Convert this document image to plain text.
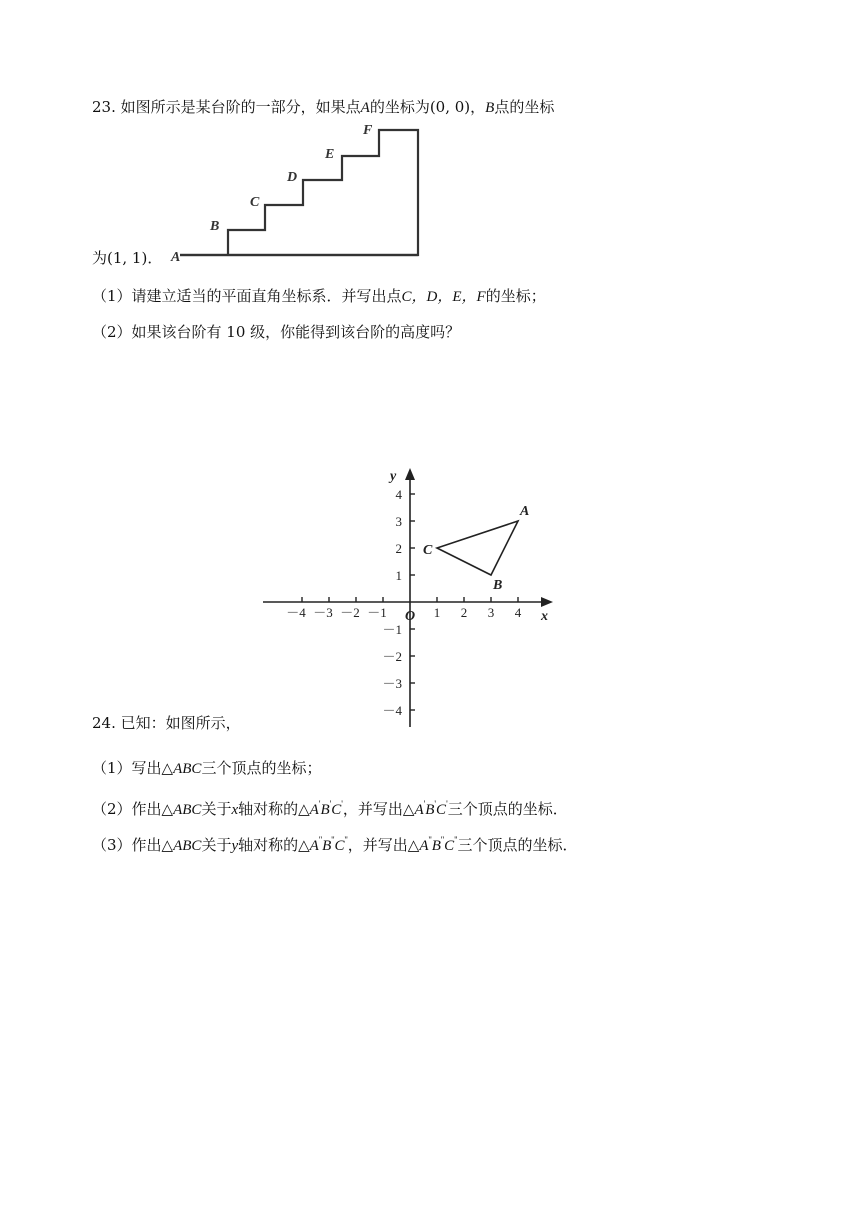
23. 如图所示是某台阶的一部分，如果点A的坐标为(0, 0)，B点的坐标
A
B
C
D
E
F
为(1, 1)．
（1）请建立适当的平面直角坐标系．并写出点C，D，E，F的坐标；
（2）如果该台阶有 10 级，你能得到该台阶的高度吗？
－4 －3 －2 －1	1 2 3 4
4
3
2
1
－1
－2
－3
－4
x
y
O
A
B
C
24. 已知：如图所示，
（1）写出△ABC三个顶点的坐标；
（2）作出△ABC关于x轴对称的△A'B'C'，并写出△A'B'C'三个顶点的坐标．
（3）作出△ABC关于y轴对称的△A''B''C''，并写出△A''B''C''三个顶点的坐标．
